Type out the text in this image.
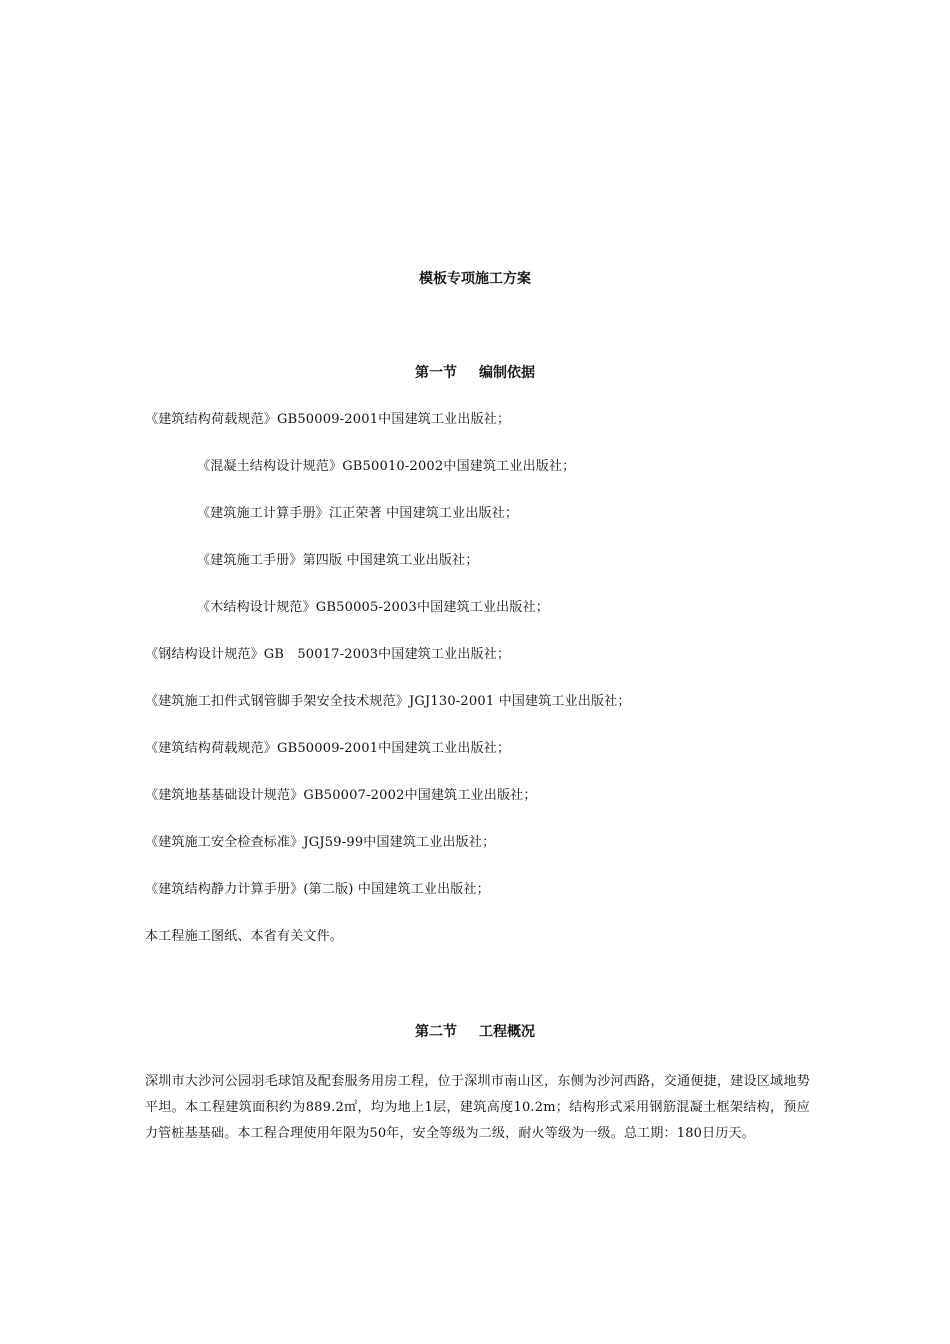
模板专项施工方案
第一节 编制依据
《建筑结构荷载规范》GB50009-2001中国建筑工业出版社；
《混凝土结构设计规范》GB50010-2002中国建筑工业出版社；
《建筑施工计算手册》江正荣著 中国建筑工业出版社；
《建筑施工手册》第四版 中国建筑工业出版社；
《木结构设计规范》GB50005-2003中国建筑工业出版社；
《钢结构设计规范》GB　50017-2003中国建筑工业出版社；
《建筑施工扣件式钢管脚手架安全技术规范》JGJ130-2001 中国建筑工业出版社；
《建筑结构荷载规范》GB50009-2001中国建筑工业出版社；
《建筑地基基础设计规范》GB50007-2002中国建筑工业出版社；
《建筑施工安全检查标准》JGJ59-99中国建筑工业出版社；
《建筑结构静力计算手册》(第二版) 中国建筑工业出版社；
本工程施工图纸、本省有关文件。
第二节 工程概况
深圳市大沙河公园羽毛球馆及配套服务用房工程，位于深圳市南山区，东侧为沙河西路，交通便捷，建设区域地势平坦。本工程建筑面积约为889.2㎡，均为地上1层，建筑高度10.2m；结构形式采用钢筋混凝土框架结构，预应力管桩基基础。本工程合理使用年限为50年，安全等级为二级，耐火等级为一级。总工期：180日历天。
